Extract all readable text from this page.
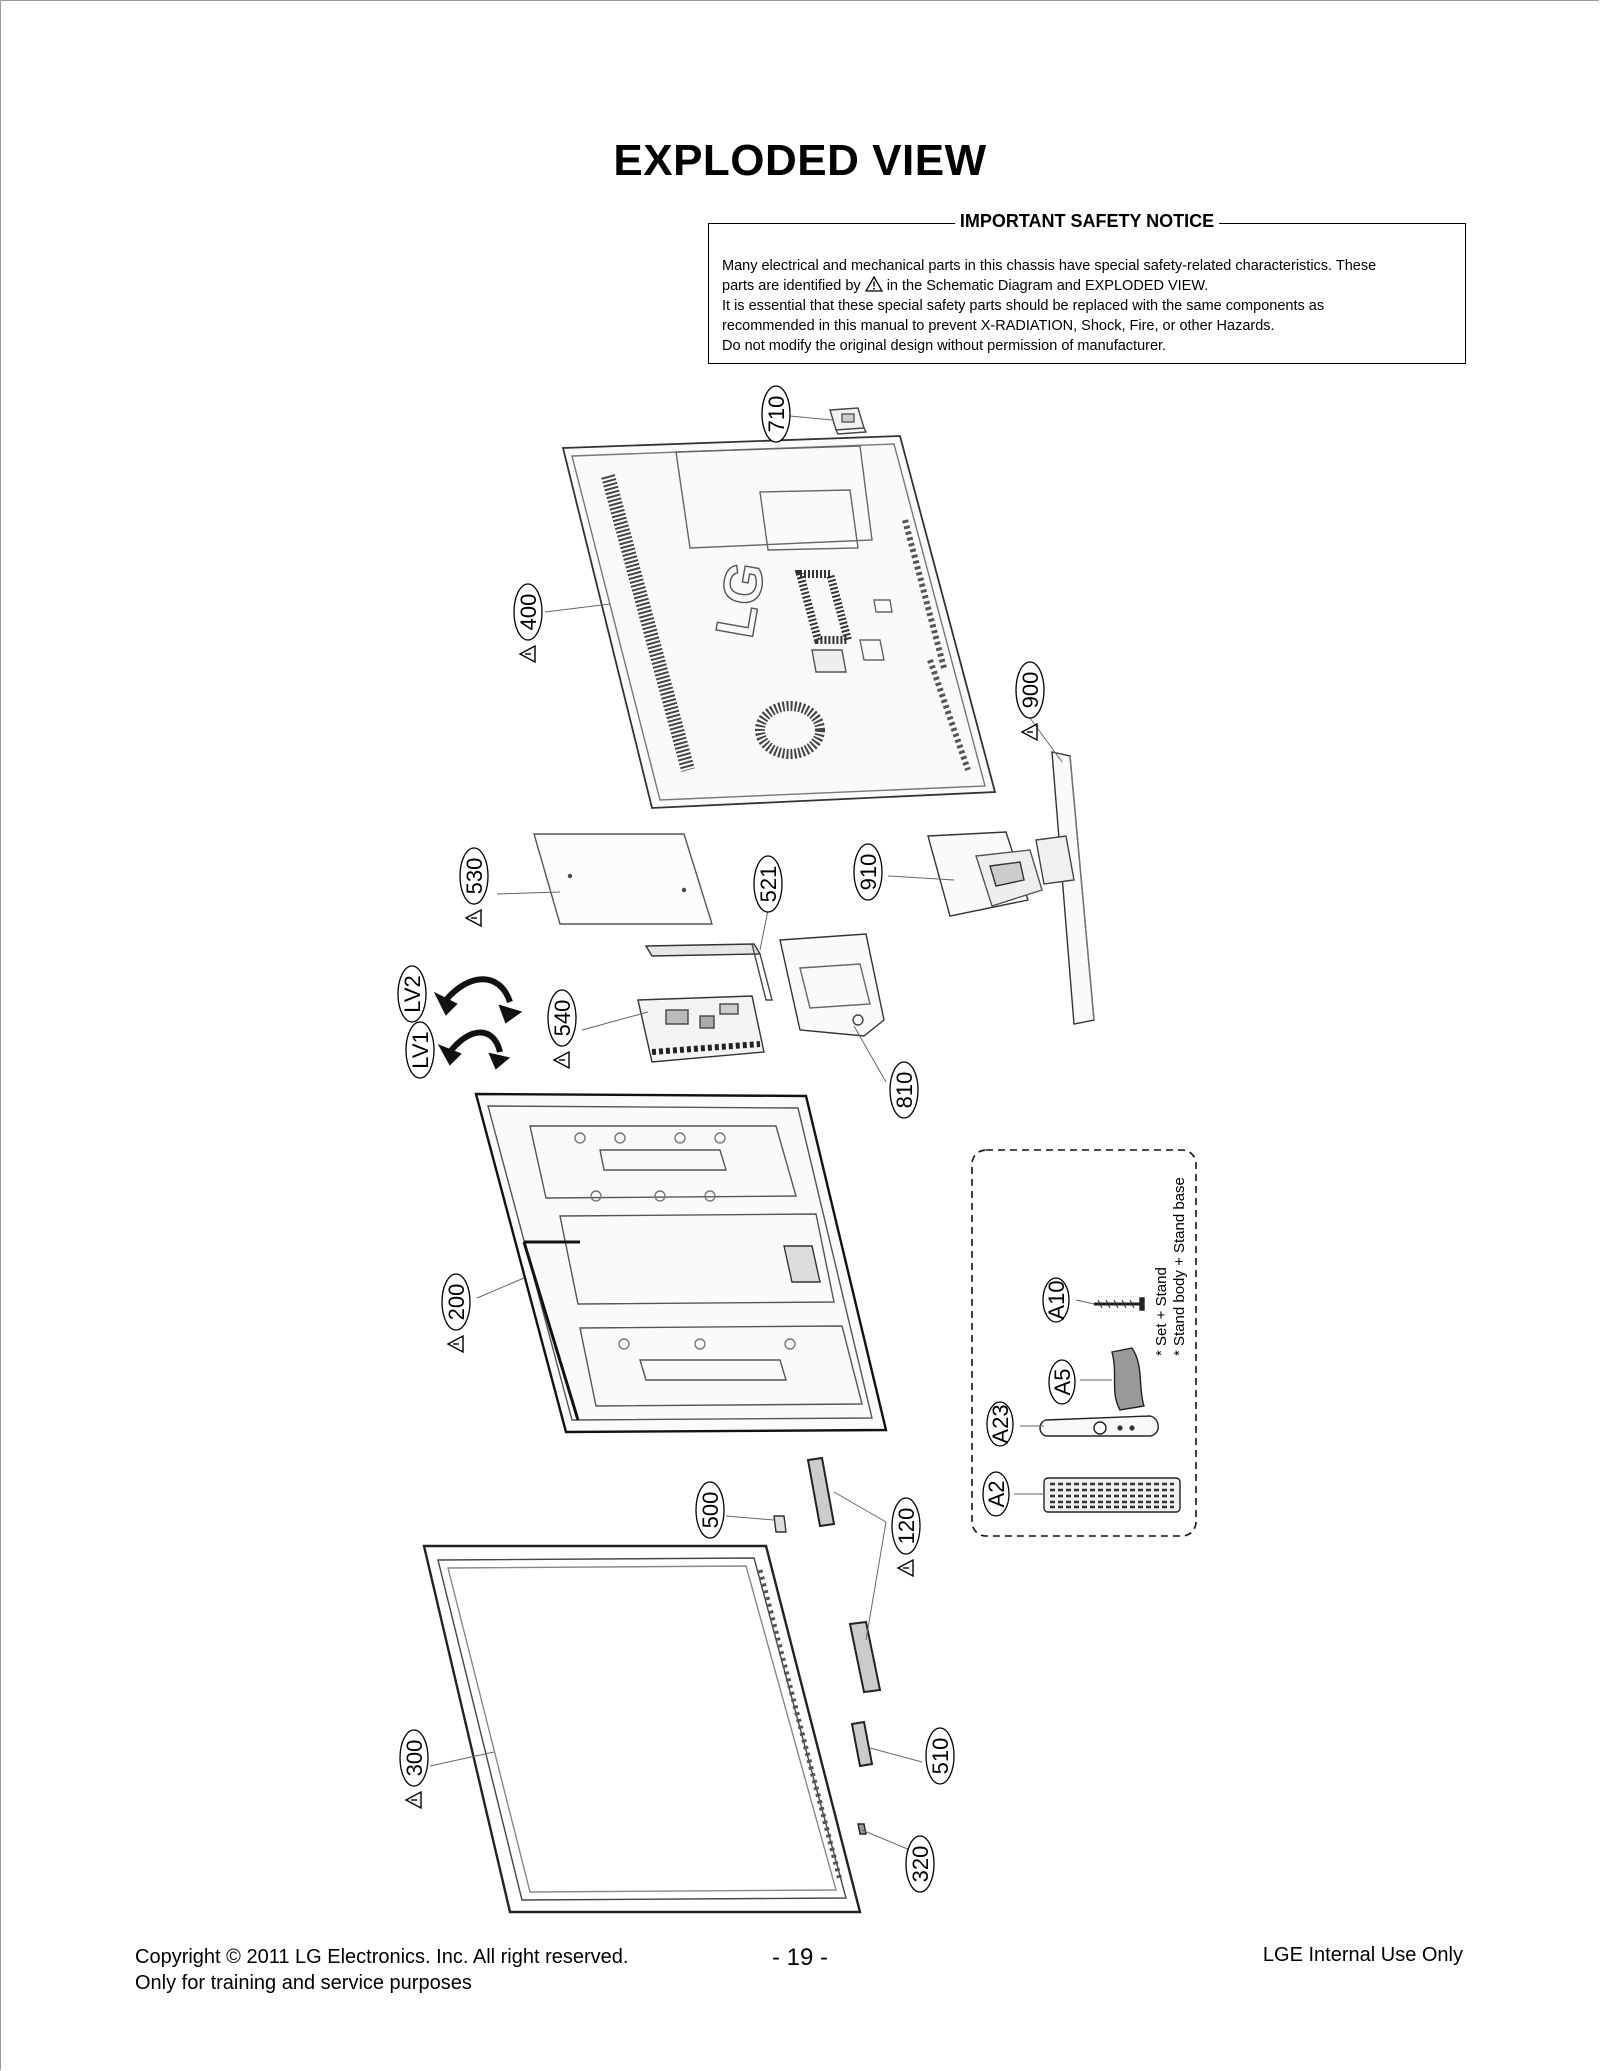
EXPLODED VIEW
IMPORTANT SAFETY NOTICE

Many electrical and mechanical parts in this chassis have special safety-related characteristics. These

parts are identified by in the Schematic Diagram and EXPLODED VIEW.

It is essential that these special safety parts should be replaced with the same components as

recommended in this manual to prevent X-RADIATION, Shock, Fire, or other Hazards.

Do not modify the original design without permission of manufacturer.

LG
710
400
900
530	521	910
LV2
LV1
540
810
200
500	120
300	510
320
A10
A5
A23
A2
* Set + Stand * Stand body + Stand base
Copyright © 2011 LG Electronics. Inc. All right reserved.
Only for training and service purposes
- 19 -	LGE Internal Use Only
